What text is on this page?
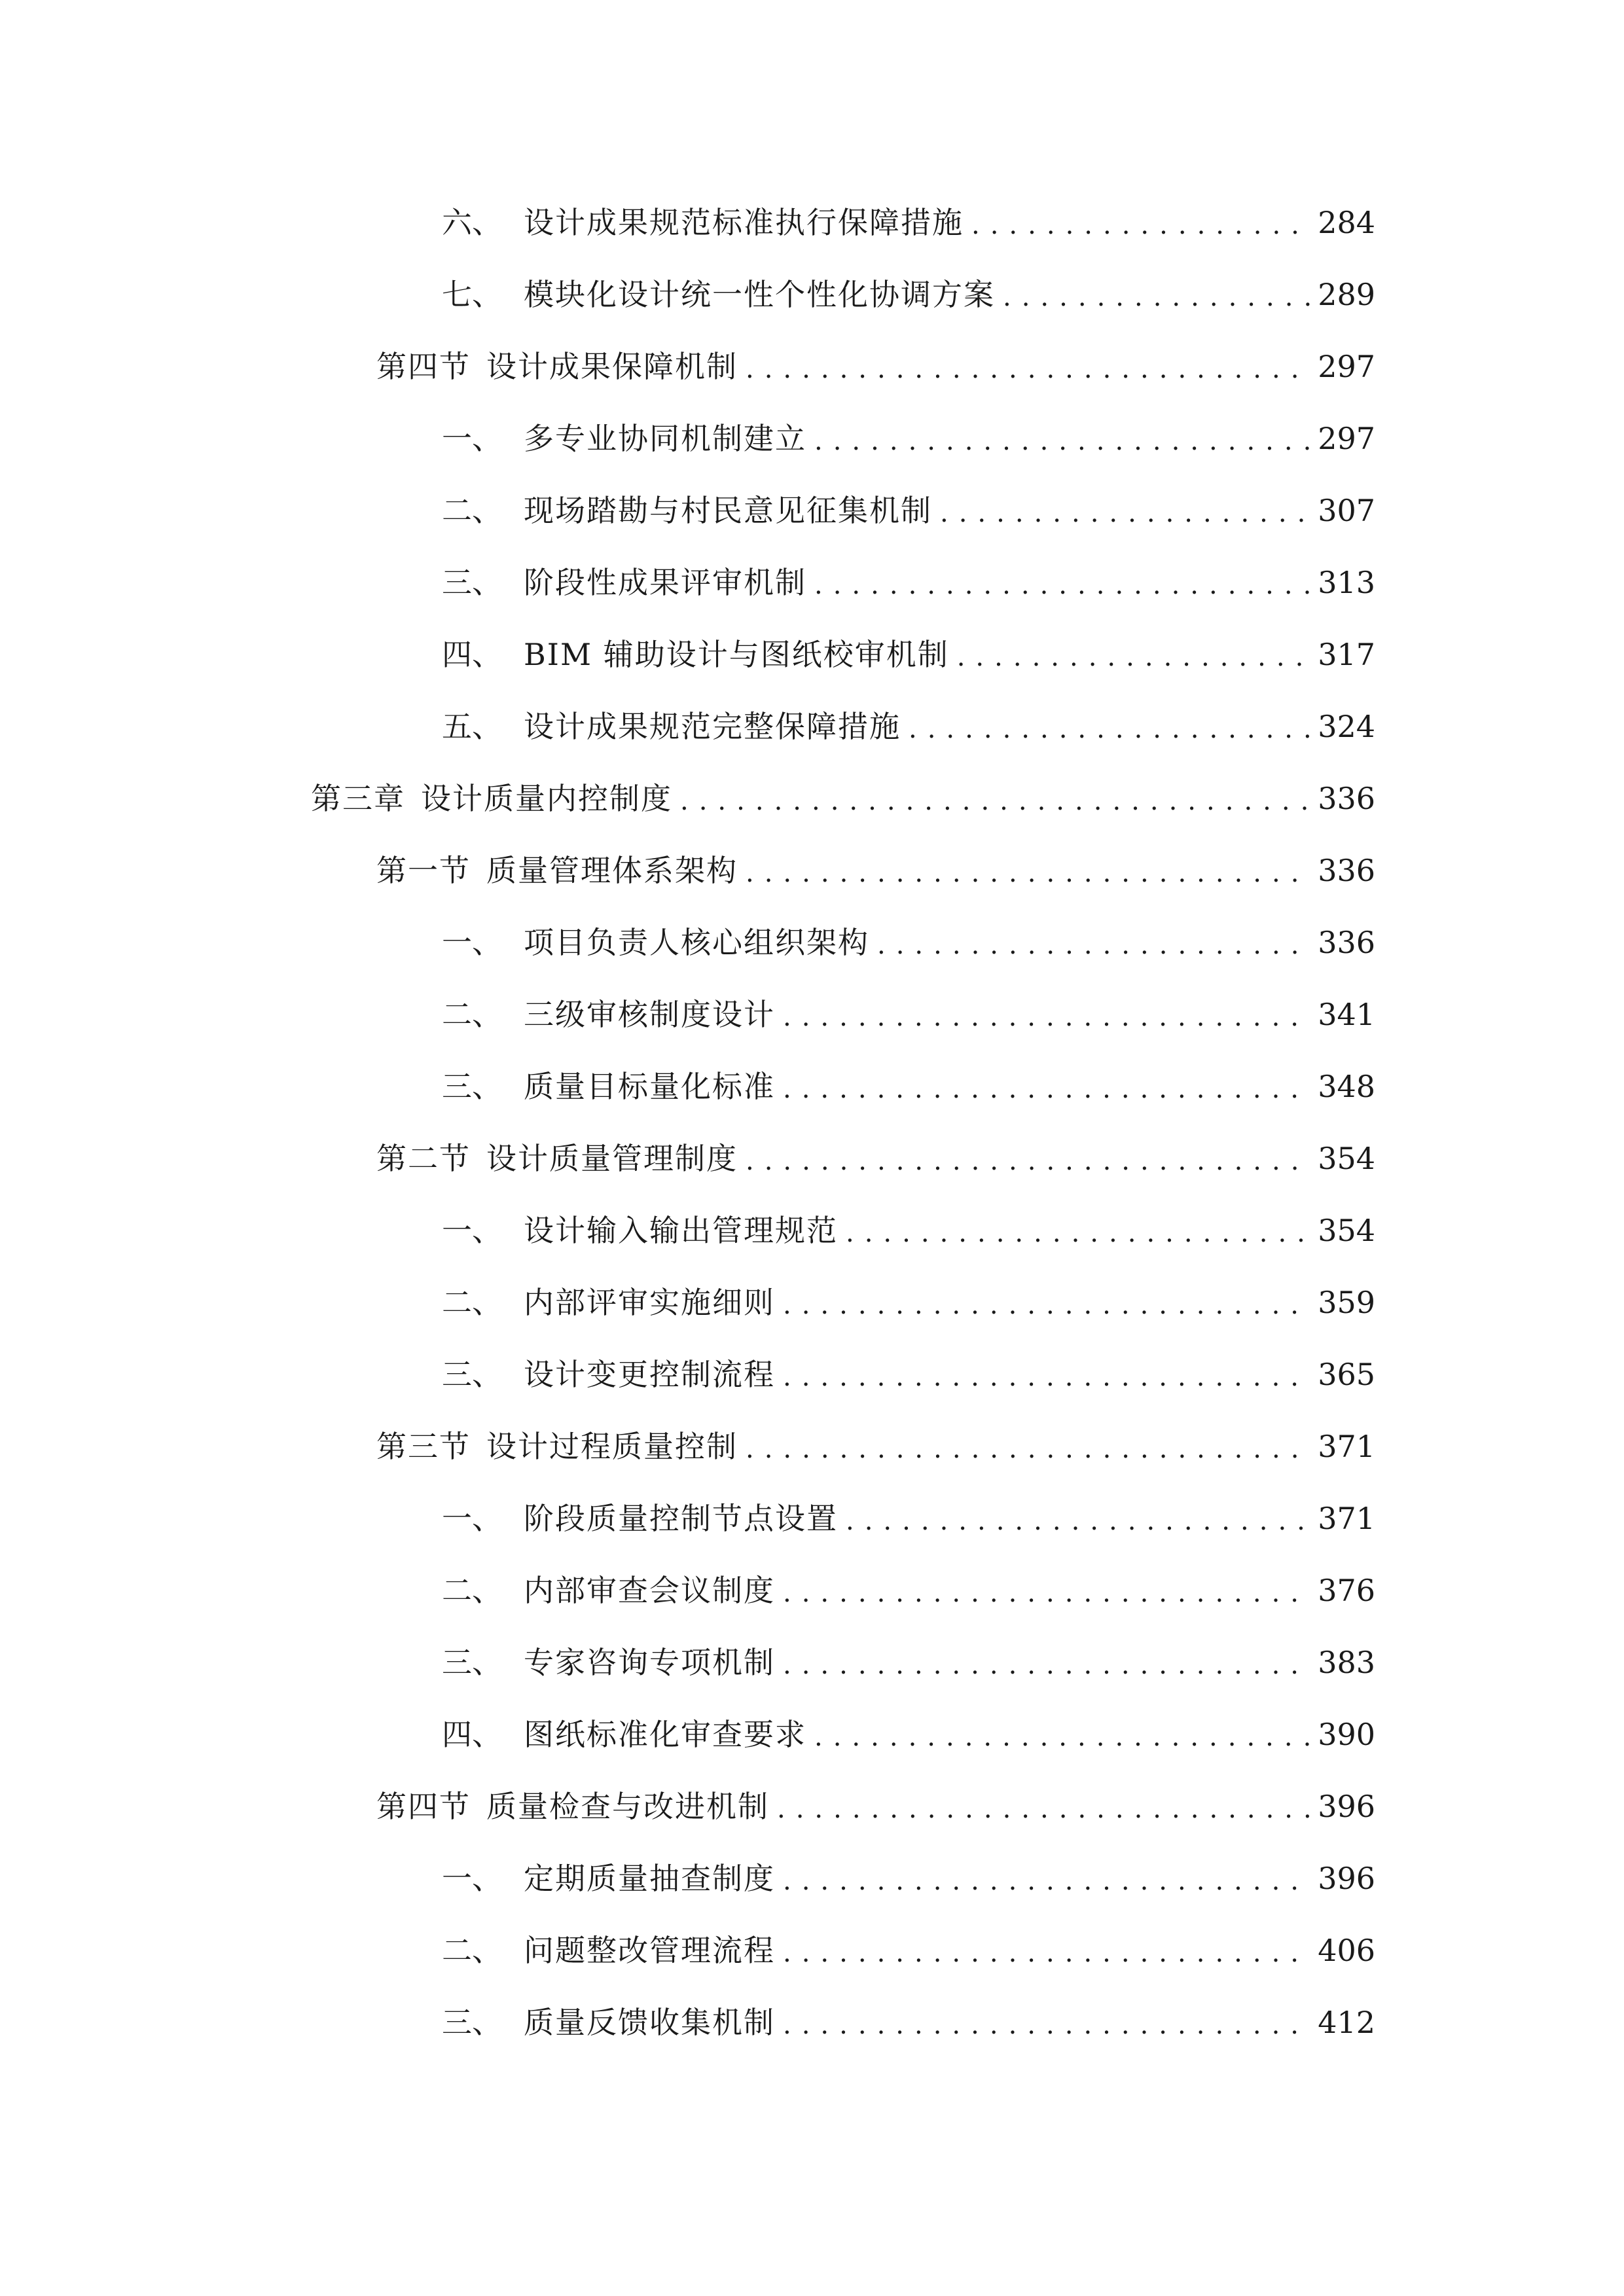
六、 设计成果规范标准执行保障措施 .....	284
七、 模块化设计统一性个性化协调方案 .....	289
第四节 设计成果保障机制 .....	297
一、 多专业协同机制建立 .....	297
二、 现场踏勘与村民意见征集机制 .....	307
三、 阶段性成果评审机制 .....	313
四、 BIM 辅助设计与图纸校审机制 .....	317
五、 设计成果规范完整保障措施 .....	324
第三章 设计质量内控制度 .....	336
第一节 质量管理体系架构 .....	336
一、 项目负责人核心组织架构 .....	336
二、 三级审核制度设计 .....	341
三、 质量目标量化标准 .....	348
第二节 设计质量管理制度 .....	354
一、 设计输入输出管理规范 .....	354
二、 内部评审实施细则 .....	359
三、 设计变更控制流程 .....	365
第三节 设计过程质量控制 .....	371
一、 阶段质量控制节点设置 .....	371
二、 内部审查会议制度 .....	376
三、 专家咨询专项机制 .....	383
四、 图纸标准化审查要求 .....	390
第四节 质量检查与改进机制 .....	396
一、 定期质量抽查制度 .....	396
二、 问题整改管理流程 .....	406
三、 质量反馈收集机制 .....	412
